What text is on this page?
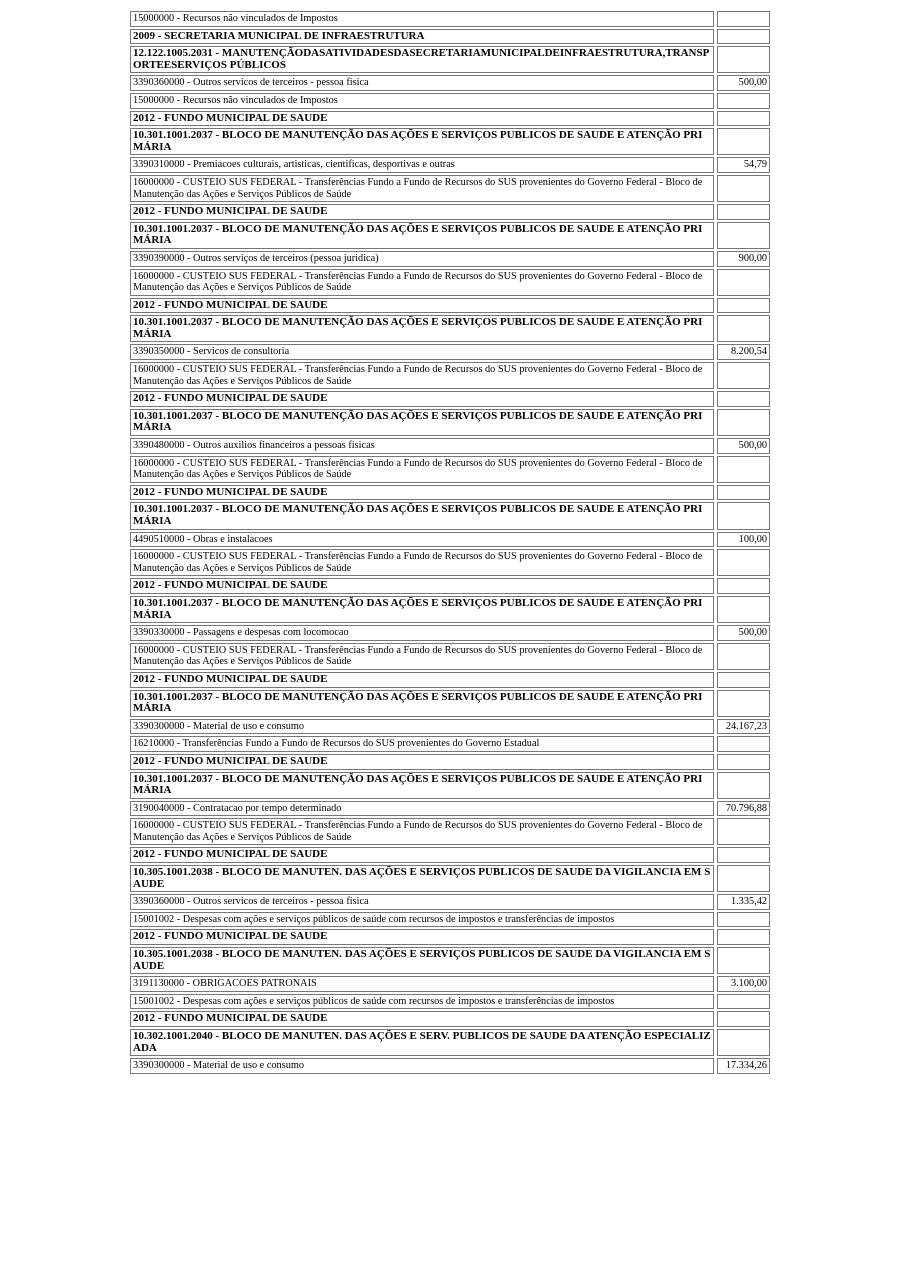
15000000 - Recursos não vinculados de Impostos
2009 - SECRETARIA MUNICIPAL DE INFRAESTRUTURA
12.122.1005.2031 - MANUTENÇÃODASATIVIDADESDASECRETARIAMUNICIPALDEINFRAESTRUTURA,TRANSPORTEESERVIÇOS PÚBLICOS
3390360000 - Outros servicos de terceiros - pessoa fisica	500,00
15000000 - Recursos não vinculados de Impostos
2012 - FUNDO MUNICIPAL DE SAUDE
10.301.1001.2037 - BLOCO DE MANUTENÇÃO DAS AÇÕES E SERVIÇOS PUBLICOS DE SAUDE E ATENÇÃO PRIMÁRIA
3390310000 - Premiacoes culturais, artisticas, cientificas, desportivas e outras	54,79
16000000 - CUSTEIO SUS FEDERAL - Transferências Fundo a Fundo de Recursos do SUS provenientes do Governo Federal - Bloco de Manutenção das Ações e Serviços Públicos de Saúde
2012 - FUNDO MUNICIPAL DE SAUDE
10.301.1001.2037 - BLOCO DE MANUTENÇÃO DAS AÇÕES E SERVIÇOS PUBLICOS DE SAUDE E ATENÇÃO PRIMÁRIA
3390390000 - Outros serviços de terceiros (pessoa juridica)	900,00
16000000 - CUSTEIO SUS FEDERAL - Transferências Fundo a Fundo de Recursos do SUS provenientes do Governo Federal - Bloco de Manutenção das Ações e Serviços Públicos de Saúde
2012 - FUNDO MUNICIPAL DE SAUDE
10.301.1001.2037 - BLOCO DE MANUTENÇÃO DAS AÇÕES E SERVIÇOS PUBLICOS DE SAUDE E ATENÇÃO PRIMÁRIA
3390350000 - Servicos de consultoria	8.200,54
16000000 - CUSTEIO SUS FEDERAL - Transferências Fundo a Fundo de Recursos do SUS provenientes do Governo Federal - Bloco de Manutenção das Ações e Serviços Públicos de Saúde
2012 - FUNDO MUNICIPAL DE SAUDE
10.301.1001.2037 - BLOCO DE MANUTENÇÃO DAS AÇÕES E SERVIÇOS PUBLICOS DE SAUDE E ATENÇÃO PRIMÁRIA
3390480000 - Outros auxilios financeiros a pessoas fisicas	500,00
16000000 - CUSTEIO SUS FEDERAL - Transferências Fundo a Fundo de Recursos do SUS provenientes do Governo Federal - Bloco de Manutenção das Ações e Serviços Públicos de Saúde
2012 - FUNDO MUNICIPAL DE SAUDE
10.301.1001.2037 - BLOCO DE MANUTENÇÃO DAS AÇÕES E SERVIÇOS PUBLICOS DE SAUDE E ATENÇÃO PRIMÁRIA
4490510000 - Obras e instalacoes	100,00
16000000 - CUSTEIO SUS FEDERAL - Transferências Fundo a Fundo de Recursos do SUS provenientes do Governo Federal - Bloco de Manutenção das Ações e Serviços Públicos de Saúde
2012 - FUNDO MUNICIPAL DE SAUDE
10.301.1001.2037 - BLOCO DE MANUTENÇÃO DAS AÇÕES E SERVIÇOS PUBLICOS DE SAUDE E ATENÇÃO PRIMÁRIA
3390330000 - Passagens e despesas com locomocao	500,00
16000000 - CUSTEIO SUS FEDERAL - Transferências Fundo a Fundo de Recursos do SUS provenientes do Governo Federal - Bloco de Manutenção das Ações e Serviços Públicos de Saúde
2012 - FUNDO MUNICIPAL DE SAUDE
10.301.1001.2037 - BLOCO DE MANUTENÇÃO DAS AÇÕES E SERVIÇOS PUBLICOS DE SAUDE E ATENÇÃO PRIMÁRIA
3390300000 - Material de uso e consumo	24.167,23
16210000 - Transferências Fundo a Fundo de Recursos do SUS provenientes do Governo Estadual
2012 - FUNDO MUNICIPAL DE SAUDE
10.301.1001.2037 - BLOCO DE MANUTENÇÃO DAS AÇÕES E SERVIÇOS PUBLICOS DE SAUDE E ATENÇÃO PRIMÁRIA
3190040000 - Contratacao por tempo determinado	70.796,88
16000000 - CUSTEIO SUS FEDERAL - Transferências Fundo a Fundo de Recursos do SUS provenientes do Governo Federal - Bloco de Manutenção das Ações e Serviços Públicos de Saúde
2012 - FUNDO MUNICIPAL DE SAUDE
10.305.1001.2038 - BLOCO DE MANUTEN. DAS AÇÕES E SERVIÇOS PUBLICOS DE SAUDE DA VIGILANCIA EM SAUDE
3390360000 - Outros servicos de terceiros - pessoa fisica	1.335,42
15001002 - Despesas com ações e serviços públicos de saúde com recursos de impostos e transferências de impostos
2012 - FUNDO MUNICIPAL DE SAUDE
10.305.1001.2038 - BLOCO DE MANUTEN. DAS AÇÕES E SERVIÇOS PUBLICOS DE SAUDE DA VIGILANCIA EM SAUDE
3191130000 - OBRIGACOES PATRONAIS	3.100,00
15001002 - Despesas com ações e serviços públicos de saúde com recursos de impostos e transferências de impostos
2012 - FUNDO MUNICIPAL DE SAUDE
10.302.1001.2040 - BLOCO DE MANUTEN. DAS AÇÕES E SERV. PUBLICOS DE SAUDE DA ATENÇÃO ESPECIALIZADA
3390300000 - Material de uso e consumo	17.334,26
